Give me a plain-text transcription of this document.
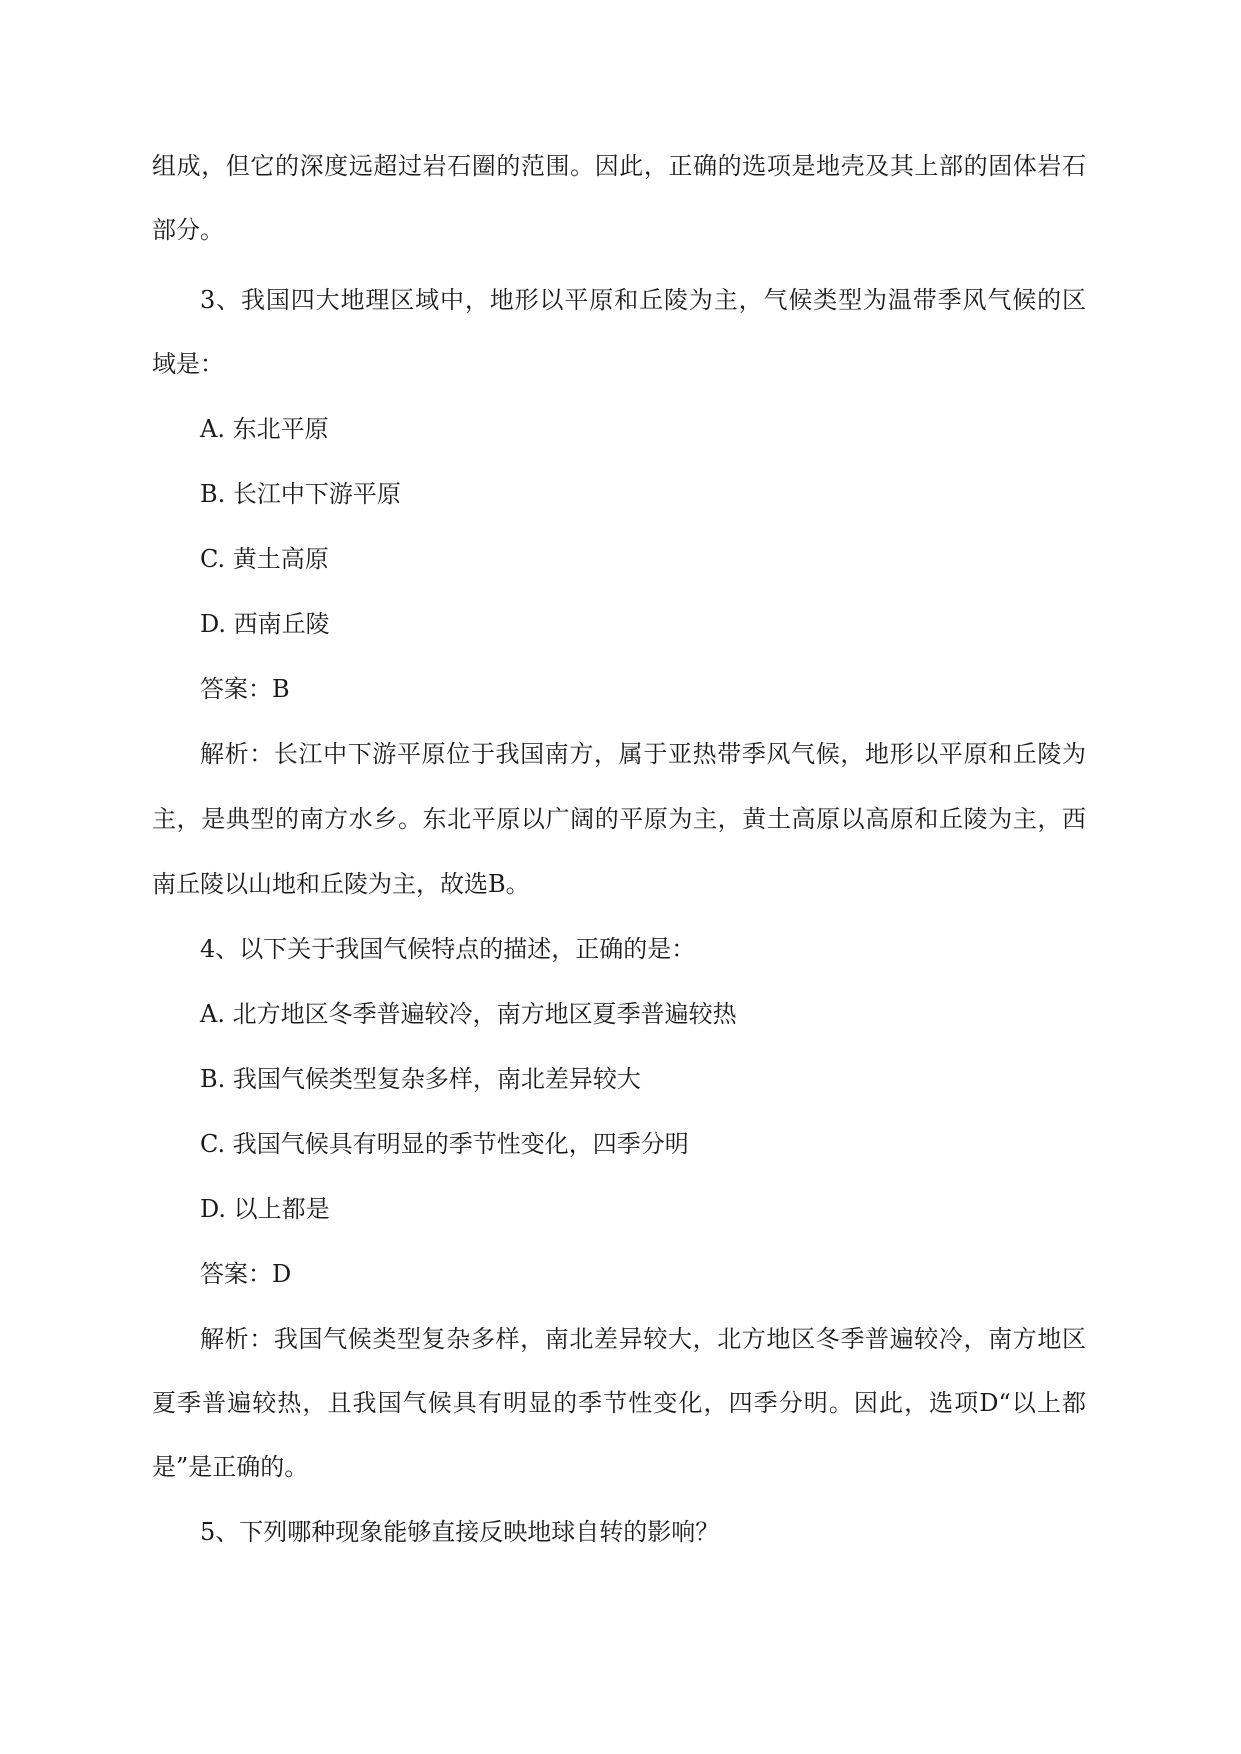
组成，但它的深度远超过岩石圈的范围。因此，正确的选项是地壳及其上部的固体岩石
部分。
3、我国四大地理区域中，地形以平原和丘陵为主，气候类型为温带季风气候的区
域是：
A. 东北平原
B. 长江中下游平原
C. 黄土高原
D. 西南丘陵
答案：B
解析：长江中下游平原位于我国南方，属于亚热带季风气候，地形以平原和丘陵为
主，是典型的南方水乡。东北平原以广阔的平原为主，黄土高原以高原和丘陵为主，西
南丘陵以山地和丘陵为主，故选B。
4、以下关于我国气候特点的描述，正确的是：
A. 北方地区冬季普遍较冷，南方地区夏季普遍较热
B. 我国气候类型复杂多样，南北差异较大
C. 我国气候具有明显的季节性变化，四季分明
D. 以上都是
答案：D
解析：我国气候类型复杂多样，南北差异较大，北方地区冬季普遍较冷，南方地区
夏季普遍较热，且我国气候具有明显的季节性变化，四季分明。因此，选项D“以上都
是”是正确的。
5、下列哪种现象能够直接反映地球自转的影响？
